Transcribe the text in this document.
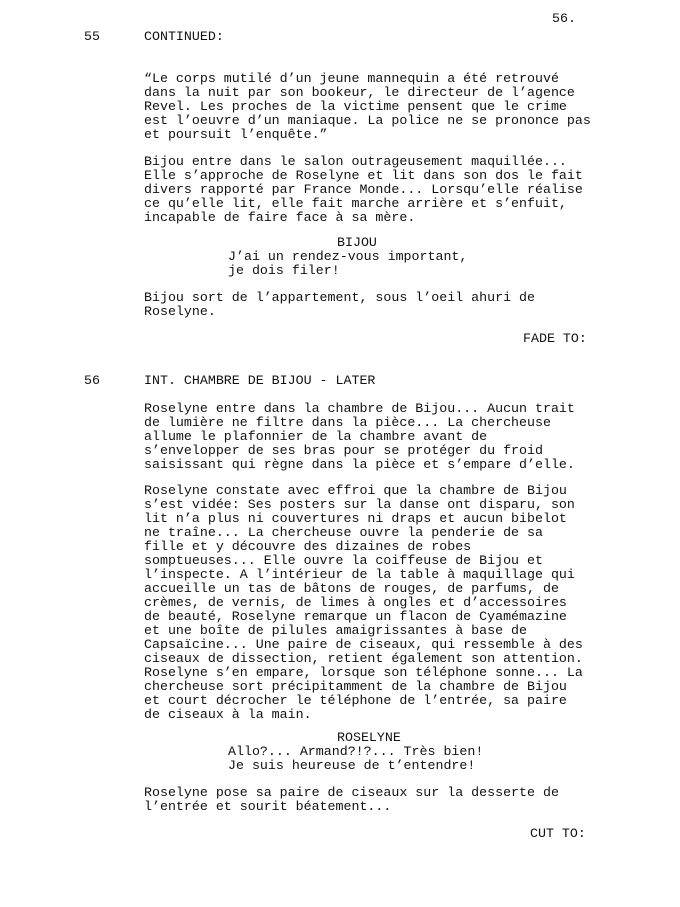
56.
55	CONTINUED:
“Le corps mutilé d’un jeune mannequin a été retrouvé
dans la nuit par son bookeur, le directeur de l’agence
Revel. Les proches de la victime pensent que le crime
est l’oeuvre d’un maniaque. La police ne se prononce pas
et poursuit l’enquête.”
Bijou entre dans le salon outrageusement maquillée...
Elle s’approche de Roselyne et lit dans son dos le fait
divers rapporté par France Monde... Lorsqu’elle réalise
ce qu’elle lit, elle fait marche arrière et s’enfuit,
incapable de faire face à sa mère.
BIJOU
J’ai un rendez-vous important,
je dois filer!
Bijou sort de l’appartement, sous l’oeil ahuri de
Roselyne.
FADE TO:
56	INT. CHAMBRE DE BIJOU - LATER
Roselyne entre dans la chambre de Bijou... Aucun trait
de lumière ne filtre dans la pièce... La chercheuse
allume le plafonnier de la chambre avant de
s’envelopper de ses bras pour se protéger du froid
saisissant qui règne dans la pièce et s’empare d’elle.
Roselyne constate avec effroi que la chambre de Bijou
s’est vidée: Ses posters sur la danse ont disparu, son
lit n’a plus ni couvertures ni draps et aucun bibelot
ne traîne... La chercheuse ouvre la penderie de sa
fille et y découvre des dizaines de robes
somptueuses... Elle ouvre la coiffeuse de Bijou et
l’inspecte. A l’intérieur de la table à maquillage qui
accueille un tas de bâtons de rouges, de parfums, de
crèmes, de vernis, de limes à ongles et d’accessoires
de beauté, Roselyne remarque un flacon de Cyamémazine
et une boîte de pilules amaigrissantes à base de
Capsaïcine... Une paire de ciseaux, qui ressemble à des
ciseaux de dissection, retient également son attention.
Roselyne s’en empare, lorsque son téléphone sonne... La
chercheuse sort précipitamment de la chambre de Bijou
et court décrocher le téléphone de l’entrée, sa paire
de ciseaux à la main.
ROSELYNE
Allo?... Armand?!?... Très bien!
Je suis heureuse de t’entendre!
Roselyne pose sa paire de ciseaux sur la desserte de
l’entrée et sourit béatement...
CUT TO:
